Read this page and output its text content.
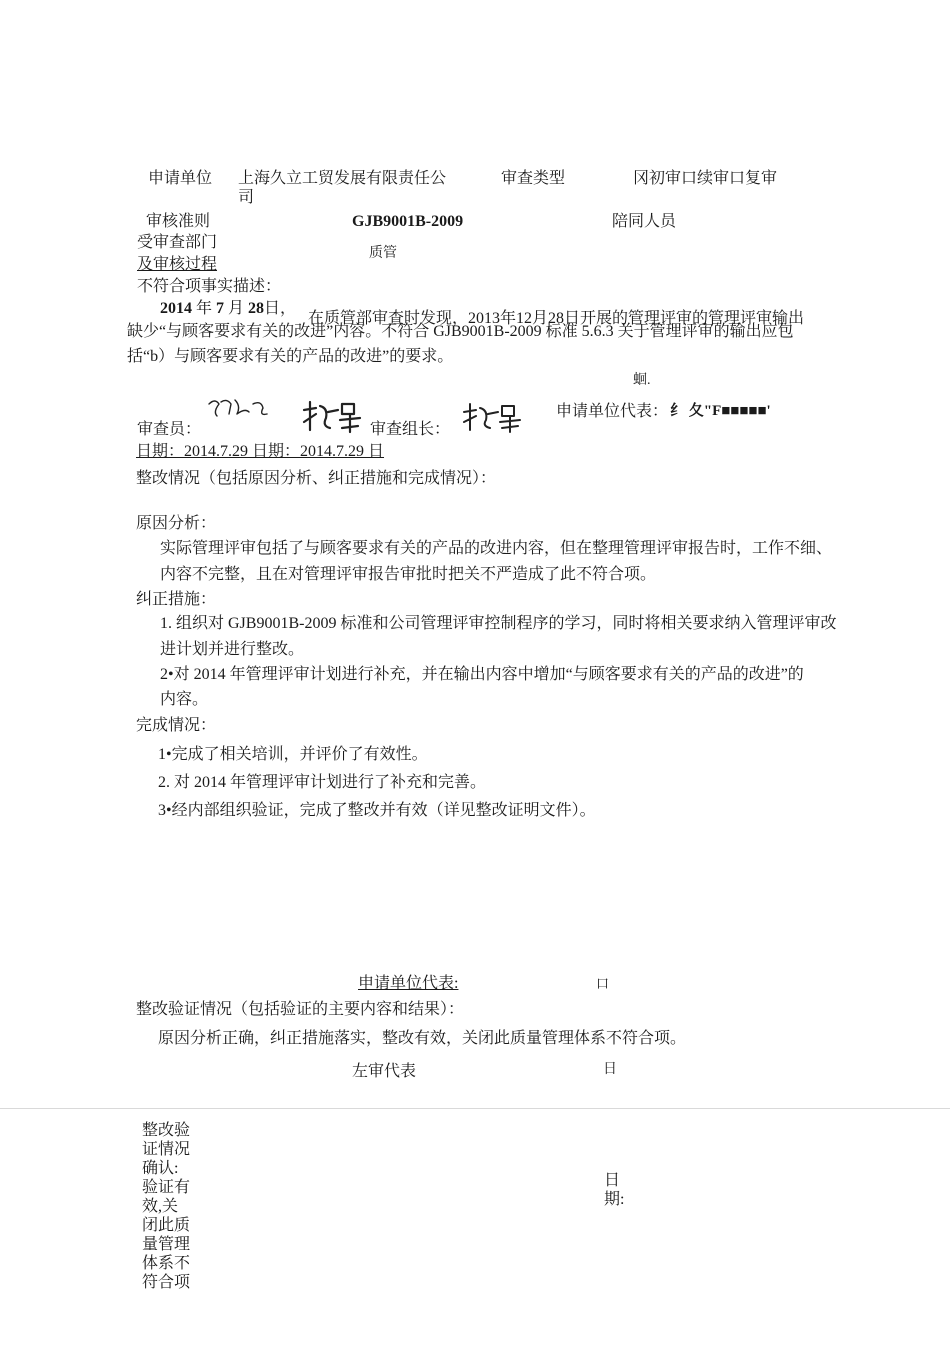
申请单位 上海久立工贸发展有限责任公
司
审查类型	冈初审口续审口复审
审核准则	GJB9001B-2009	陪同人员
受审查部门
及审核过程
质管
不符合项事实描述：
2014 年 7 月 28日，
在质管部审查时发现，2013年12月28日开展的管理评审的管理评审输出
缺少“与顾客要求有关的改进”内容。不符合 GJB9001B-2009 标准 5.6.3 关于管理评审的输出应包
括“b）与顾客要求有关的产品的改进”的要求。
蛔.
审查员：	审查组长：
申请单位代表： 纟 夂"F■■■■■'
日期：2014.7.29 日期：2014.7.29 日
整改情况（包括原因分析、纠正措施和完成情况）：
原因分析：
实际管理评审包括了与顾客要求有关的产品的改进内容，但在整理管理评审报告时，工作不细、
内容不完整，且在对管理评审报告审批时把关不严造成了此不符合项。
纠正措施：
1. 组织对 GJB9001B-2009 标准和公司管理评审控制程序的学习，同时将相关要求纳入管理评审改
进计划并进行整改。
2•对 2014 年管理评审计划进行补充，并在输出内容中增加“与顾客要求有关的产品的改进”的
内容。
完成情况：
1•完成了相关培训，并评价了有效性。
2. 对 2014 年管理评审计划进行了补充和完善。
3•经内部组织验证，完成了整改并有效（详见整改证明文件）。
申请单位代表:	口
整改验证情况（包括验证的主要内容和结果）：
原因分析正确，纠正措施落实，整改有效，关闭此质量管理体系不符合项。
左审代表	日
整改验证情况确认:验证有效,关闭此质量管理体系不符合项
日
期:
